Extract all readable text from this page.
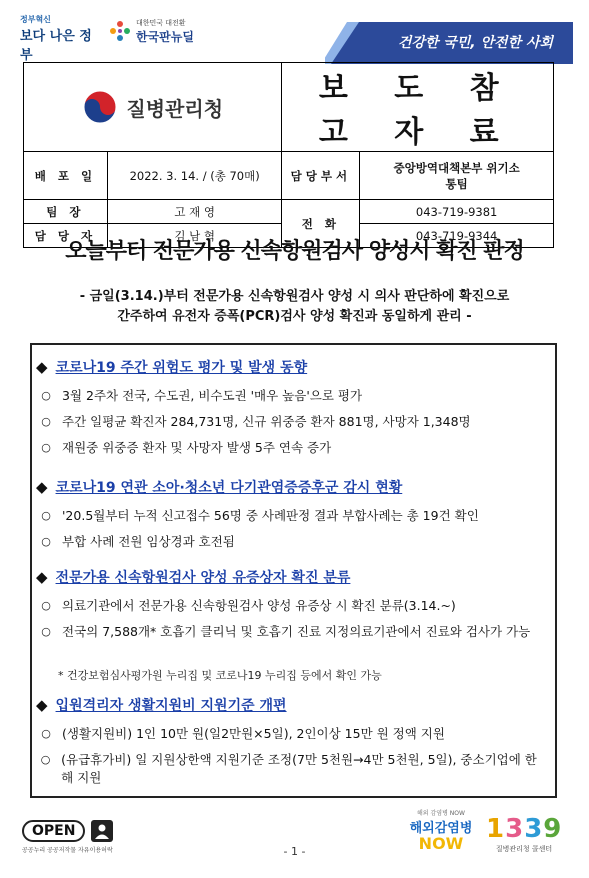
정부혁신
보다 나은 정부
대한민국 대전환
한국판뉴딜	건강한 국민, 안전한 사회
질병관리청		보 도 참 고 자 료	
배 포 일	2022. 3. 14. / (총 70매)	담당부서	중앙방역대책본부 위기소통팀
팀 장	고 재 영	전 화	043-719-9381
담 당 자	김 남 혁		043-719-9344
오늘부터 전문가용 신속항원검사 양성시 확진 판정
- 금일(3.14.)부터 전문가용 신속항원검사 양성 시 의사 판단하에 확진으로
간주하여 유전자 증폭(PCR)검사 양성 확진과 동일하게 관리 -
◆ 코로나19 주간 위험도 평가 및 발생 동향
○ 3월 2주차 전국, 수도권, 비수도권 '매우 높음'으로 평가
○ 주간 일평균 확진자 284,731명, 신규 위중증 환자 881명, 사망자 1,348명
○ 재원중 위중증 환자 및 사망자 발생 5주 연속 증가
◆ 코로나19 연관 소아·청소년 다기관염증증후군 감시 현황
○ '20.5월부터 누적 신고접수 56명 중 사례판정 결과 부합사례는 총 19건 확인
○ 부합 사례 전원 임상경과 호전됨
◆ 전문가용 신속항원검사 양성 유증상자 확진 분류
○ 의료기관에서 전문가용 신속항원검사 양성 유증상 시 확진 분류(3.14.~)
○ 전국의 7,588개* 호흡기 클리닉 및 호흡기 진료 지정의료기관에서 진료와 검사가 가능
* 건강보험심사평가원 누리집 및 코로나19 누리집 등에서 확인 가능
◆ 입원격리자 생활지원비 지원기준 개편
○ (생활지원비) 1인 10만 원(일2만원×5일), 2인이상 15만 원 정액 지원
○ (유급휴가비) 일 지원상한액 지원기준 조정(7만 5천원→4만 5천원, 5일), 중소기업에 한해 지원
OPEN
공공누리 공공저작물 자유이용허락	- 1 -
해외 감염병 NOW
해외감염병
NOW 1339
질병관리청 콜센터
